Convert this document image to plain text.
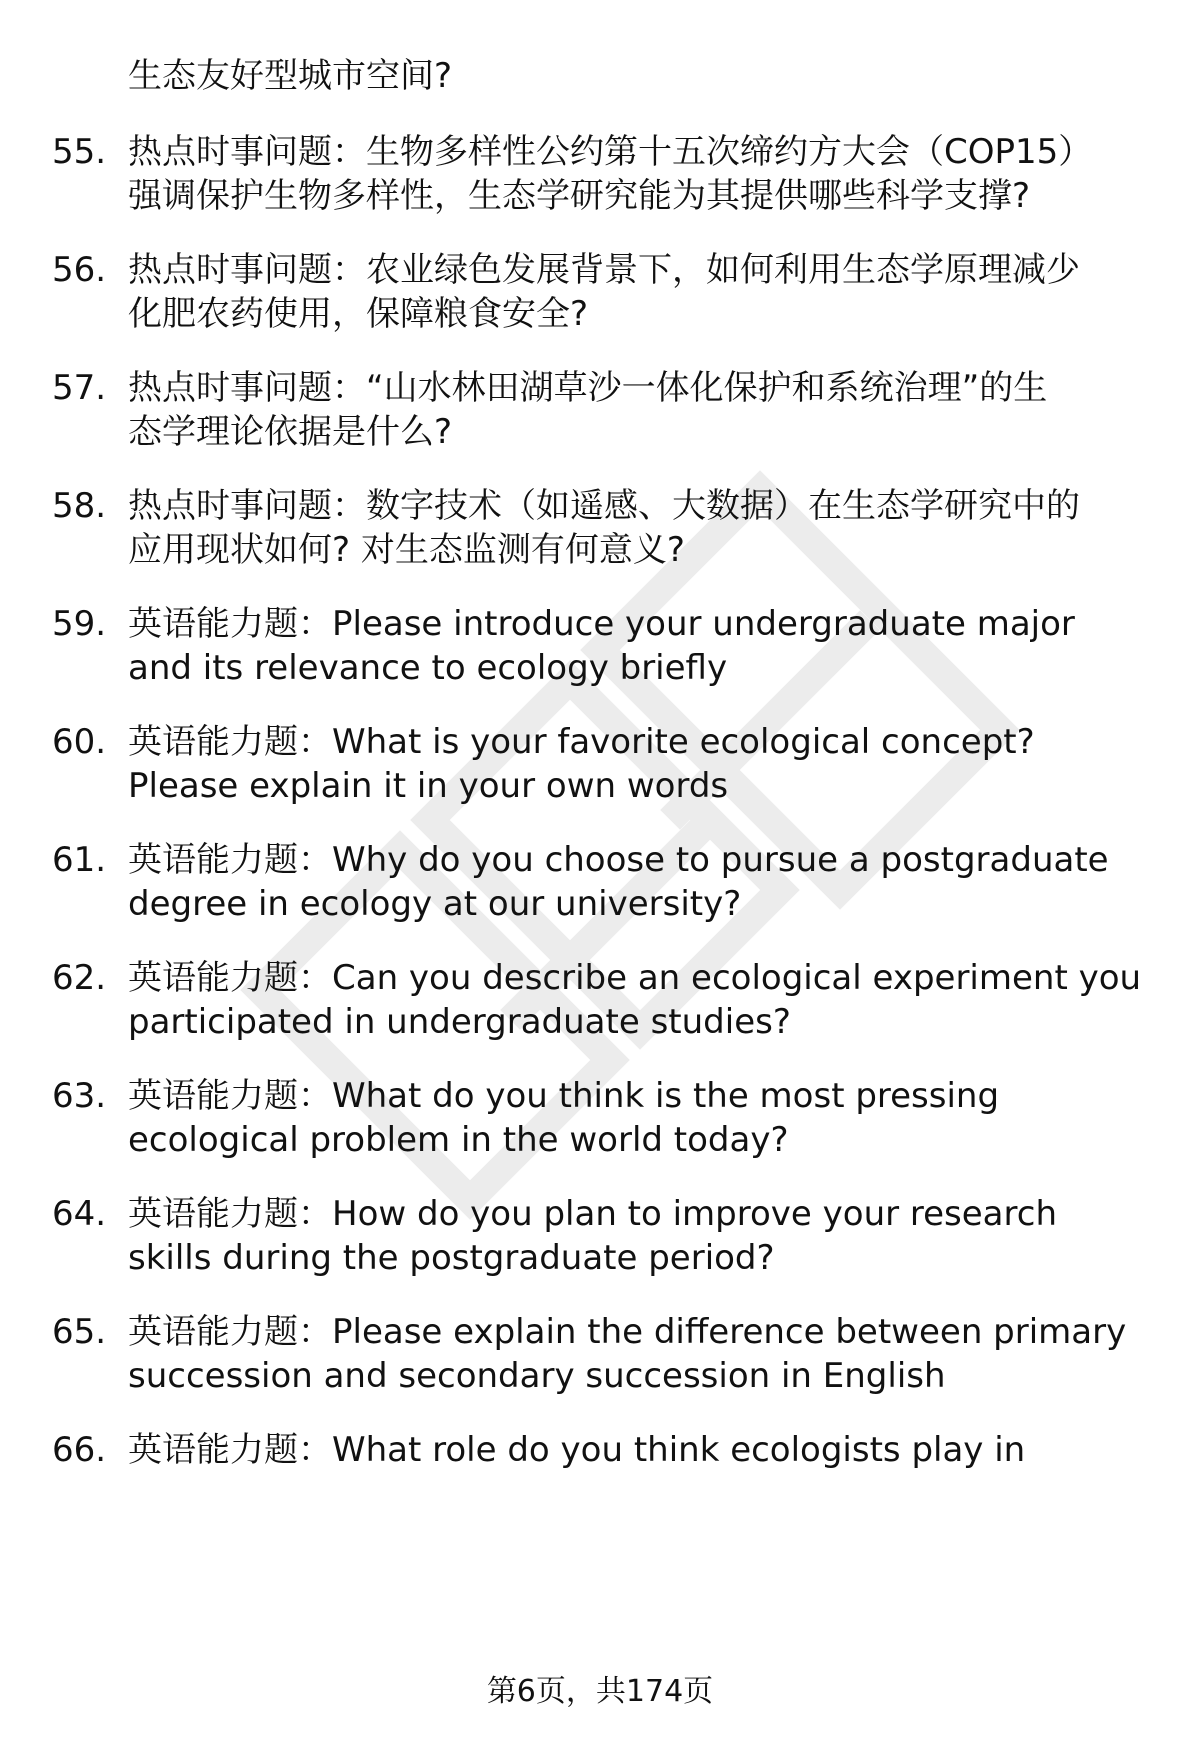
生态友好型城市空间?
55. 热点时事问题：生物多样性公约第十五次缔约方大会（COP15）
强调保护生物多样性，生态学研究能为其提供哪些科学支撑?
56. 热点时事问题：农业绿色发展背景下，如何利用生态学原理减少
化肥农药使用，保障粮食安全?
57. 热点时事问题：“山水林田湖草沙一体化保护和系统治理”的生
态学理论依据是什么?
58. 热点时事问题：数字技术（如遥感、大数据）在生态学研究中的
应用现状如何? 对生态监测有何意义?
59. 英语能力题：Please introduce your undergraduate major
and its relevance to ecology briefly
60. 英语能力题：What is your favorite ecological concept?
Please explain it in your own words
61. 英语能力题：Why do you choose to pursue a postgraduate
degree in ecology at our university?
62. 英语能力题：Can you describe an ecological experiment you
participated in undergraduate studies?
63. 英语能力题：What do you think is the most pressing
ecological problem in the world today?
64. 英语能力题：How do you plan to improve your research
skills during the postgraduate period?
65. 英语能力题：Please explain the difference between primary
succession and secondary succession in English
66. 英语能力题：What role do you think ecologists play in
第6页，共174页
